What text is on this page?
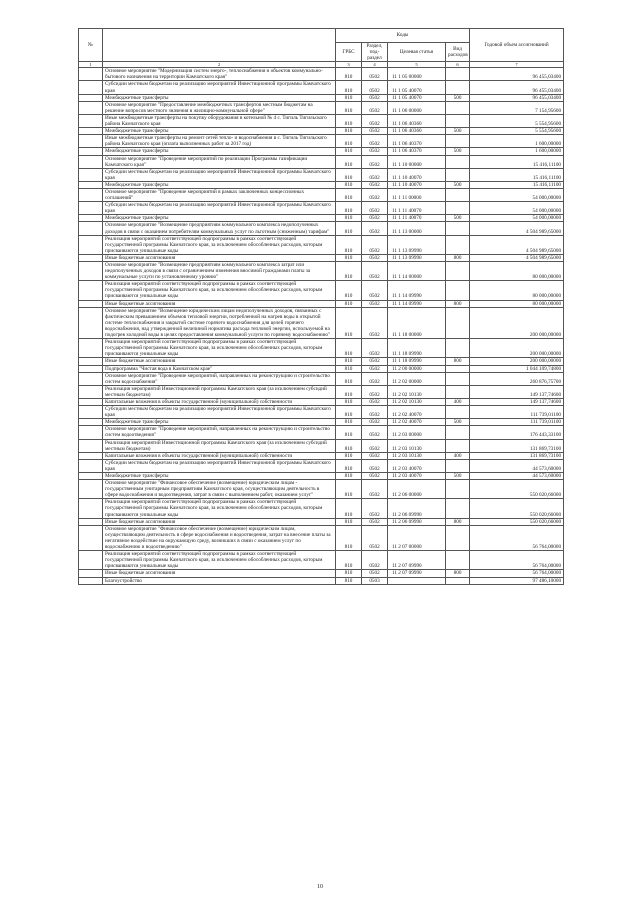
№		Коды				Годовой объем ассигнований
		ГРБС	Раздел, под-раздел	Целевая статья	Вид расходов	
1	2	3	4	5	6	7
	Основное мероприятие "Модернизация систем энерго-, теплоснабжения и объектов коммунально-бытового назначения на территории Камчатского края"	810	0502	11 1 05 00000		96 455,03400
	Субсидии местным бюджетам на реализацию мероприятий Инвестиционной программы Камчатского края	810	0502	11 1 05 40070		96 455,03400
	Межбюджетные трансферты	810	0502	11 1 05 40070	500	96 455,03400
	Основное мероприятие "Предоставление межбюджетных трансфертов местным бюджетам на решение вопросов местного значения в жилищно-коммунальной сфере"	810	0502	11 1 06 00000		7 154,95600
	Иные межбюджетные трансферты на покупку оборудования в котельной № 4 с. Тигиль Тигильского района Камчатского края	810	0502	11 1 06 40360		5 554,95600
	Межбюджетные трансферты	810	0502	11 1 06 40360	500	5 554,95600
	Иные межбюджетные трансферты на ремонт сетей тепло- и водоснабжения в с. Тигиль Тигильского района Камчатского края (оплата выполненных работ за 2017 год)	810	0502	11 1 06 40370		1 600,00000
	Межбюджетные трансферты	810	0502	11 1 06 40370	500	1 600,00000
	Основное мероприятие "Проведение мероприятий по реализации Программы газификации Камчатского края"	810	0502	11 1 10 00000		15 416,11100
	Субсидии местным бюджетам на реализацию мероприятий Инвестиционной программы Камчатского края	810	0502	11 1 10 40070		15 416,11100
	Межбюджетные трансферты	810	0502	11 1 10 40070	500	15 416,11100
	Основное мероприятие "Проведение мероприятий в рамках заключенных концессионных соглашений"	810	0502	11 1 11 00000		54 000,00000
	Субсидии местным бюджетам на реализацию мероприятий Инвестиционной программы Камчатского края	810	0502	11 1 11 40070		54 000,00000
	Межбюджетные трансферты	810	0502	11 1 11 40070	500	54 000,00000
	Основное мероприятие "Возмещение предприятиям коммунального комплекса недополученных доходов в связи с оказанием потребителям коммунальных услуг по льготным (сниженным) тарифам"	810	0502	11 1 13 00000		4 504 989,65000
	Реализация мероприятий соответствующей подпрограммы в рамках соответствующей государственной программы Камчатского края, за исключением обособленных расходов, которым присваиваются уникальные коды	810	0502	11 1 13 09990		4 504 989,65000
	Иные бюджетные ассигнования	810	0502	11 1 13 09990	800	4 504 989,65000
	Основное мероприятие "Возмещение предприятиям коммунального комплекса затрат или недополученных доходов в связи с ограничением изменения вносимой гражданами платы за коммунальные услуги по установленному уровню"	810	0502	11 1 14 00000		80 000,00000
	Реализация мероприятий соответствующей подпрограммы в рамках соответствующей государственной программы Камчатского края, за исключением обособленных расходов, которым присваиваются уникальные коды	810	0502	11 1 14 09990		80 000,00000
	Иные бюджетные ассигнования	810	0502	11 1 14 09990	800	80 000,00000
	Основное мероприятие "Возмещение юридическим лицам недополученных доходов, связанных с фактическим превышением объемов тепловой энергии, потребленной на нагрев воды в открытой системе теплоснабжения и закрытой системе горячего водоснабжения для целей горячего водоснабжения, над утвержденной величиной норматива расхода тепловой энергии, используемой на подогрев холодной воды в целях предоставления коммунальной услуги по горячему водоснабжению"	810	0502	11 1 18 00000		200 000,00000
	Реализация мероприятий соответствующей подпрограммы в рамках соответствующей государственной программы Камчатского края, за исключением обособленных расходов, которым присваиваются уникальные коды	810	0502	11 1 18 09990		200 000,00000
	Иные бюджетные ассигнования	810	0502	11 1 18 09990	800	200 000,00000
	Подпрограмма "Чистая вода в Камчатском крае"	810	0502	11 2 00 00000		1 044 109,74800
	Основное мероприятие "Проведение мероприятий, направленных на реконструкцию и строительство систем водоснабжения"	810	0502	11 2 02 00000		260 876,75700
	Реализация мероприятий Инвестиционной программы Камчатского края (за исключением субсидий местным бюджетам)	810	0502	11 2 02 10130		149 137,74600
	Капитальные вложения в объекты государственной (муниципальной) собственности	810	0502	11 2 02 10130	400	149 137,74600
	Субсидии местным бюджетам на реализацию мероприятий Инвестиционной программы Камчатского края	810	0502	11 2 02 40070		111 739,01100
	Межбюджетные трансферты	810	0502	11 2 02 40070	500	111 739,01100
	Основное мероприятие "Проведение мероприятий, направленных на реконструкцию и строительство систем водоотведения"	810	0502	11 2 03 00000		176 443,33100
	Реализация мероприятий Инвестиционной программы Камчатского края (за исключением субсидий местным бюджетам)	810	0502	11 2 03 10130		131 869,73100
	Капитальные вложения в объекты государственной (муниципальной) собственности	810	0502	11 2 03 10130	400	131 869,73100
	Субсидии местным бюджетам на реализацию мероприятий Инвестиционной программы Камчатского края	810	0502	11 2 03 40070		44 573,60000
	Межбюджетные трансферты	810	0502	11 2 03 40070	500	44 573,60000
	Основное мероприятие "Финансовое обеспечение (возмещение) юридическим лицам - государственным унитарным предприятиям Камчатского края, осуществляющим деятельность в сфере водоснабжения и водоотведения, затрат в связи с выполнением работ, оказанием услуг"	810	0502	11 2 06 00000		550 020,66000
	Реализация мероприятий соответствующей подпрограммы в рамках соответствующей государственной программы Камчатского края, за исключением обособленных расходов, которым присваиваются уникальные коды	810	0502	11 2 06 09990		550 020,66000
	Иные бюджетные ассигнования	810	0502	11 2 06 09990	800	550 020,66000
	Основное мероприятие "Финансовое обеспечение (возмещение) юридическим лицам, осуществляющим деятельность в сфере водоснабжения и водоотведения, затрат на внесение платы за негативное воздействие на окружающую среду, возникших в связи с оказанием услуг по водоснабжению и водоотведению"	810	0502	11 2 07 00000		56 764,00000
	Реализация мероприятий соответствующей подпрограммы в рамках соответствующей государственной программы Камчатского края, за исключением обособленных расходов, которым присваиваются уникальные коды	810	0502	11 2 07 09990		56 764,00000
	Иные бюджетные ассигнования	810	0502	11 2 07 09990	800	56 764,00000
	Благоустройство	810	0503			97 486,10000
10
